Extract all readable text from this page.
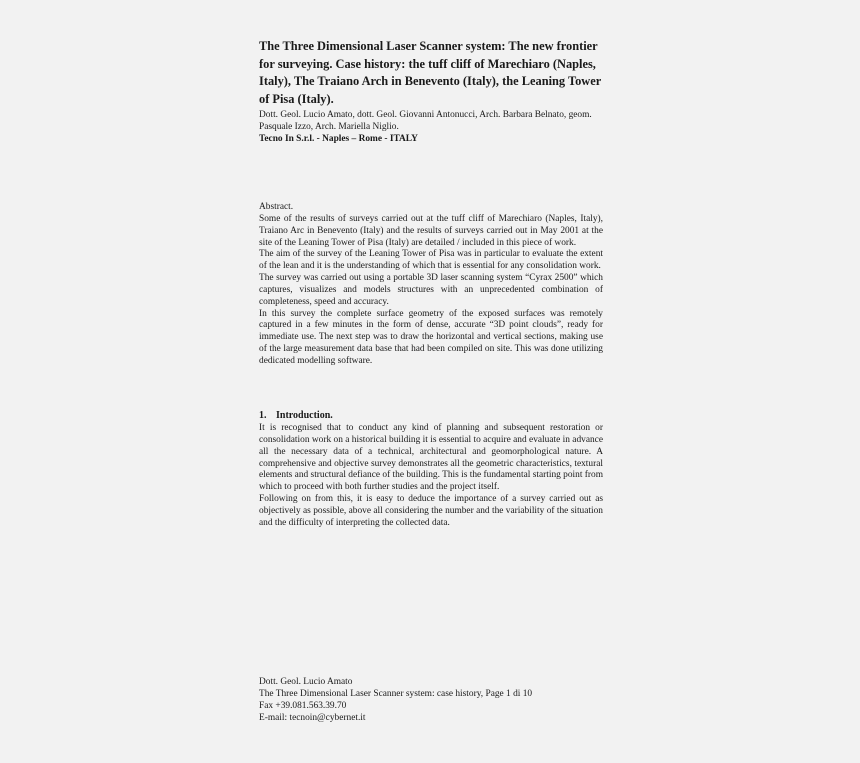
The Three Dimensional Laser Scanner system: The new frontier for surveying. Case history: the tuff cliff of Marechiaro (Naples, Italy), The Traiano Arch in Benevento (Italy), the Leaning Tower of Pisa (Italy).
Dott. Geol. Lucio Amato, dott. Geol. Giovanni Antonucci, Arch. Barbara Belnato, geom. Pasquale Izzo, Arch. Mariella Niglio.
Tecno In S.r.l. - Naples – Rome - ITALY

Abstract.

Some of the results of surveys carried out at the tuff cliff of Marechiaro (Naples, Italy), Traiano Arc in Benevento (Italy) and the results of surveys carried out in May 2001 at the site of the Leaning Tower of Pisa (Italy) are detailed / included in this piece of work.

The aim of the survey of the Leaning Tower of Pisa was in particular to evaluate the extent of the lean and it is the understanding of which that is essential for any consolidation work.

The survey was carried out using a portable 3D laser scanning system “Cyrax 2500” which captures, visualizes and models structures with an unprecedented combination of completeness, speed and accuracy.

In this survey the complete surface geometry of the exposed surfaces was remotely captured in a few minutes in the form of dense, accurate “3D point clouds”, ready for immediate use. The next step was to draw the horizontal and vertical sections, making use of the large measurement data base that had been compiled on site. This was done utilizing dedicated modelling software.

1. Introduction.

It is recognised that to conduct any kind of planning and subsequent restoration or consolidation work on a historical building it is essential to acquire and evaluate in advance all the necessary data of a technical, architectural and geomorphological nature. A comprehensive and objective survey demonstrates all the geometric characteristics, textural elements and structural defiance of the building. This is the fundamental starting point from which to proceed with both further studies and the project itself.

Following on from this, it is easy to deduce the importance of a survey carried out as objectively as possible, above all considering the number and the variability of the situation and the difficulty of interpreting the collected data.

Dott. Geol. Lucio Amato
The Three Dimensional Laser Scanner system: case history, Page 1 di 10
Fax +39.081.563.39.70
E-mail: tecnoin@cybernet.it
